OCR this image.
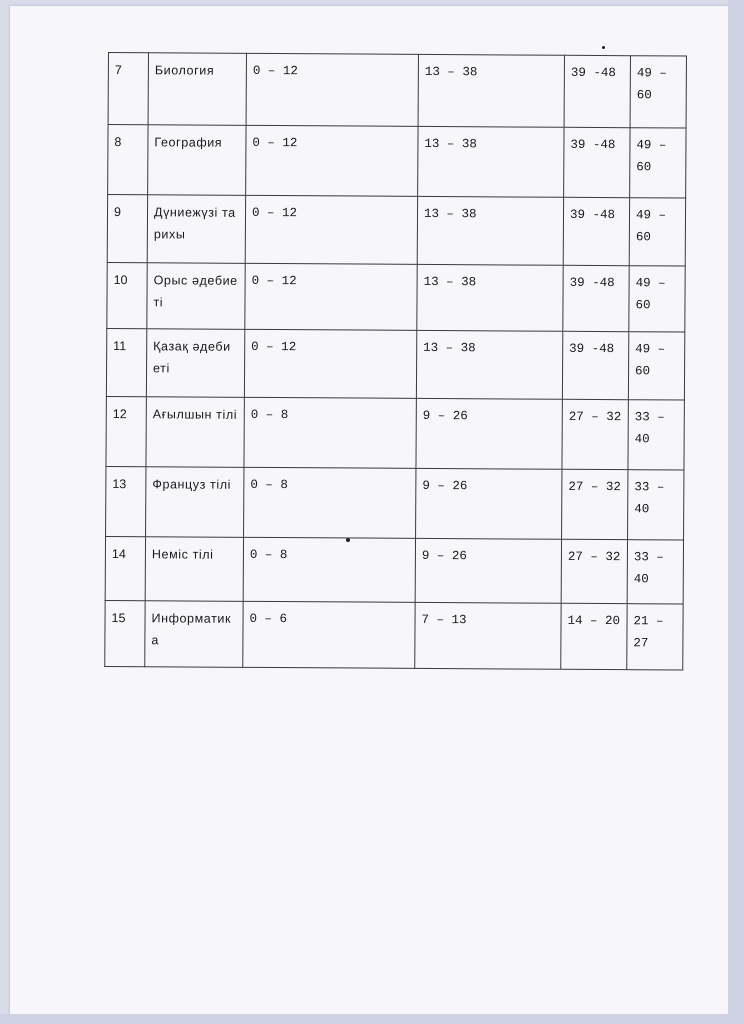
7	Биология	0 – 12	13 – 38	39 -48	49 – 60
8	География	0 – 12	13 – 38	39 -48	49 – 60
9	Дүниежүзі тарихы	0 – 12	13 – 38	39 -48	49 – 60
10	Орыс әдебиеті	0 – 12	13 – 38	39 -48	49 – 60
11	Қазақ әдебиеті	0 – 12	13 – 38	39 -48	49 – 60
12	Ағылшын тілі	0 – 8	9 – 26	27 – 32	33 – 40
13	Француз тілі	0 – 8	9 – 26	27 – 32	33 – 40
14	Неміс тілі	0 – 8	9 – 26	27 – 32	33 – 40
15	Информатика	0 – 6	7 – 13	14 – 20	21 – 27
